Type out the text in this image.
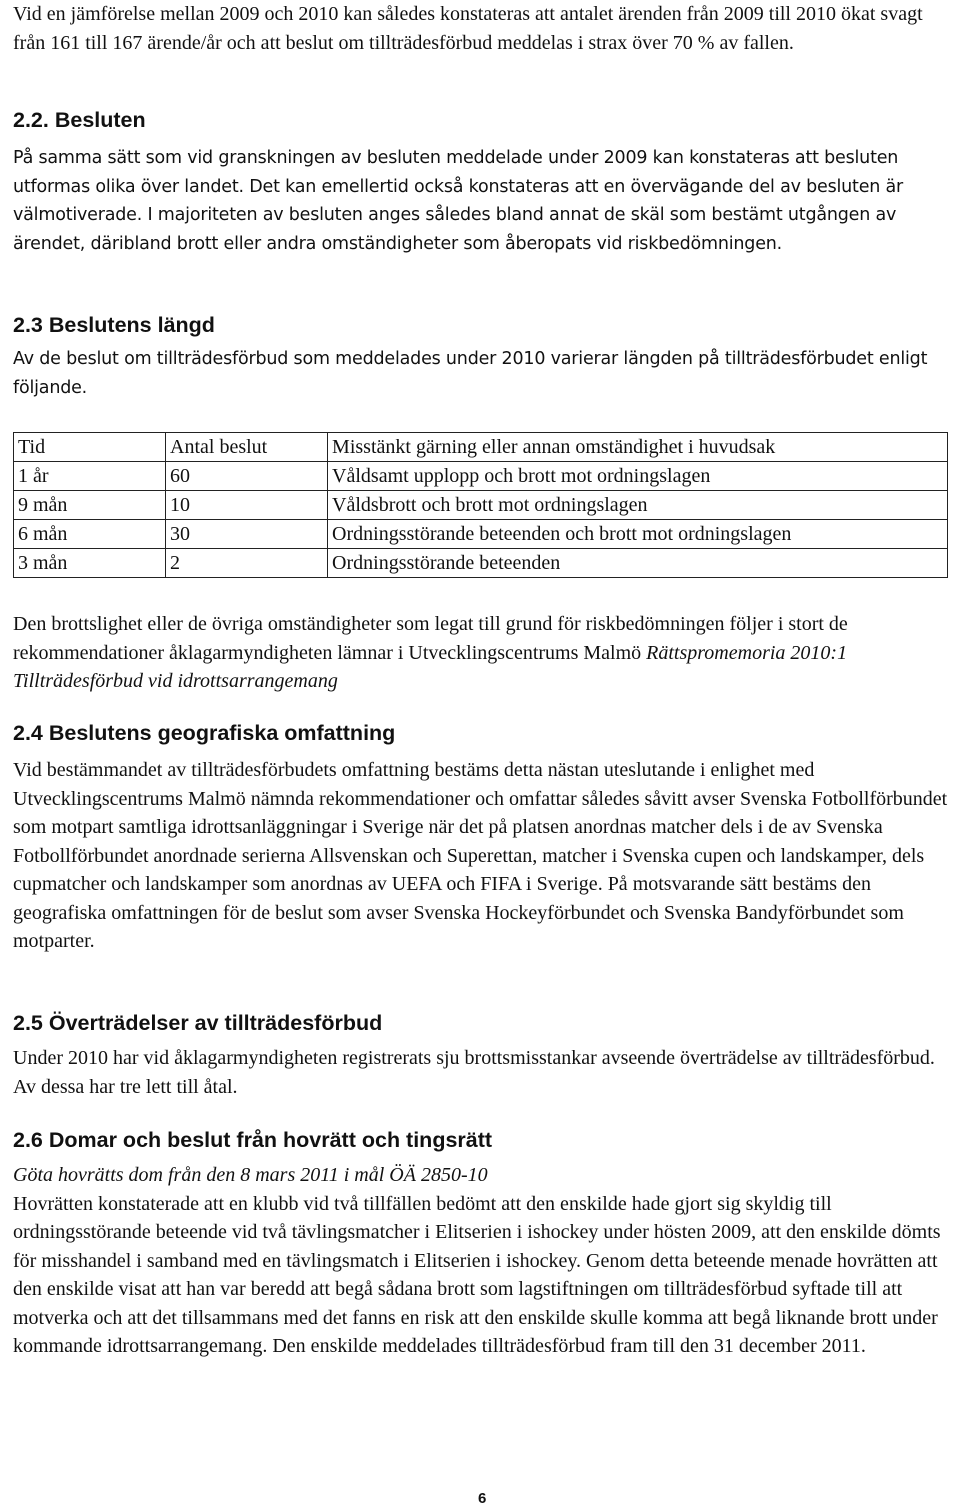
Vid en jämförelse mellan 2009 och 2010 kan således konstateras att antalet ärenden från 2009 till 2010 ökat svagt från 161 till 167 ärende/år och att beslut om tillträdesförbud meddelas i strax över 70 % av fallen.

2.2. Besluten

På samma sätt som vid granskningen av besluten meddelade under 2009 kan konstateras att besluten utformas olika över landet. Det kan emellertid också konstateras att en övervägande del av besluten är välmotiverade. I majoriteten av besluten anges således bland annat de skäl som bestämt utgången av ärendet, däribland brott eller andra omständigheter som åberopats vid riskbedömningen.

2.3 Beslutens längd

Av de beslut om tillträdesförbud som meddelades under 2010 varierar längden på tillträdesförbudet enligt följande.

Tid	Antal beslut	Misstänkt gärning eller annan omständighet i huvudsak
1 år	60	Våldsamt upplopp och brott mot ordningslagen
9 mån	10	Våldsbrott och brott mot ordningslagen
6 mån	30	Ordningsstörande beteenden och brott mot ordningslagen
3 mån	2	Ordningsstörande beteenden

Den brottslighet eller de övriga omständigheter som legat till grund för riskbedömningen följer i stort de rekommendationer åklagarmyndigheten lämnar i Utvecklingscentrums Malmö Rättspromemoria 2010:1 Tillträdesförbud vid idrottsarrangemang

2.4 Beslutens geografiska omfattning

Vid bestämmandet av tillträdesförbudets omfattning bestäms detta nästan uteslutande i enlighet med Utvecklingscentrums Malmö nämnda rekommendationer och omfattar således såvitt avser Svenska Fotbollförbundet som motpart samtliga idrottsanläggningar i Sverige när det på platsen anordnas matcher dels i de av Svenska Fotbollförbundet anordnade serierna Allsvenskan och Superettan, matcher i Svenska cupen och landskamper, dels cupmatcher och landskamper som anordnas av UEFA och FIFA i Sverige. På motsvarande sätt bestäms den geografiska omfattningen för de beslut som avser Svenska Hockeyförbundet och Svenska Bandyförbundet som motparter.

2.5 Överträdelser av tillträdesförbud

Under 2010 har vid åklagarmyndigheten registrerats sju brottsmisstankar avseende överträdelse av tillträdesförbud. Av dessa har tre lett till åtal.

2.6 Domar och beslut från hovrätt och tingsrätt

Göta hovrätts dom från den 8 mars 2011 i mål ÖÄ 2850-10

Hovrätten konstaterade att en klubb vid två tillfällen bedömt att den enskilde hade gjort sig skyldig till ordningsstörande beteende vid två tävlingsmatcher i Elitserien i ishockey under hösten 2009, att den enskilde dömts för misshandel i samband med en tävlingsmatch i Elitserien i ishockey. Genom detta beteende menade hovrätten att den enskilde visat att han var beredd att begå sådana brott som lagstiftningen om tillträdesförbud syftade till att motverka och att det tillsammans med det fanns en risk att den enskilde skulle komma att begå liknande brott under kommande idrottsarrangemang. Den enskilde meddelades tillträdesförbud fram till den 31 december 2011.

6
